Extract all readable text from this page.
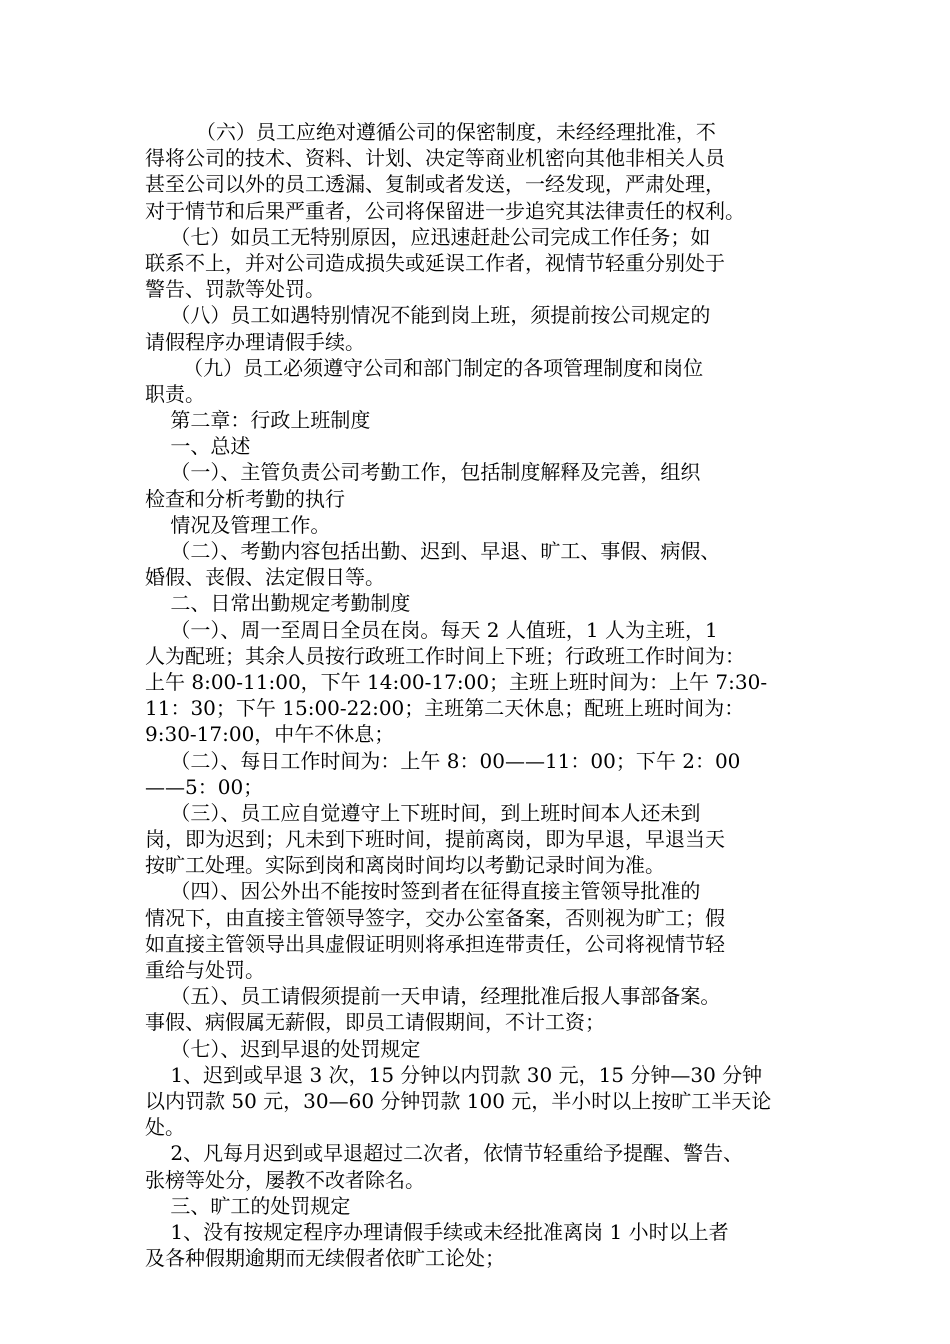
（六）员工应绝对遵循公司的保密制度，未经经理批准，不
得将公司的技术、资料、计划、决定等商业机密向其他非相关人员
甚至公司以外的员工透漏、复制或者发送，一经发现，严肃处理，
对于情节和后果严重者，公司将保留进一步追究其法律责任的权利。
（七）如员工无特别原因，应迅速赶赴公司完成工作任务；如
联系不上，并对公司造成损失或延误工作者，视情节轻重分别处于
警告、罚款等处罚。
（八）员工如遇特别情况不能到岗上班，须提前按公司规定的
请假程序办理请假手续。
（九）员工必须遵守公司和部门制定的各项管理制度和岗位
职责。
第二章：行政上班制度
一、总述
（一）、主管负责公司考勤工作，包括制度解释及完善，组织
检查和分析考勤的执行
情况及管理工作。
（二）、考勤内容包括出勤、迟到、早退、旷工、事假、病假、
婚假、丧假、法定假日等。
二、日常出勤规定考勤制度
（一）、周一至周日全员在岗。每天 2 人值班，1 人为主班，1
人为配班；其余人员按行政班工作时间上下班；行政班工作时间为：
上午 8:00-11:00，下午 14:00-17:00；主班上班时间为：上午 7:30-
11：30；下午 15:00-22:00；主班第二天休息；配班上班时间为：
9:30-17:00，中午不休息；
（二）、每日工作时间为：上午 8：00——11：00；下午 2：00
——5：00；
（三）、员工应自觉遵守上下班时间，到上班时间本人还未到
岗，即为迟到；凡未到下班时间，提前离岗，即为早退，早退当天
按旷工处理。实际到岗和离岗时间均以考勤记录时间为准。
（四）、因公外出不能按时签到者在征得直接主管领导批准的
情况下，由直接主管领导签字，交办公室备案，否则视为旷工；假
如直接主管领导出具虚假证明则将承担连带责任，公司将视情节轻
重给与处罚。
（五）、员工请假须提前一天申请，经理批准后报人事部备案。
事假、病假属无薪假，即员工请假期间，不计工资；
（七）、迟到早退的处罚规定
1、迟到或早退 3 次，15 分钟以内罚款 30 元，15 分钟—30 分钟
以内罚款 50 元，30—60 分钟罚款 100 元，半小时以上按旷工半天论
处。
2、凡每月迟到或早退超过二次者，依情节轻重给予提醒、警告、
张榜等处分，屡教不改者除名。
三、旷工的处罚规定
1、没有按规定程序办理请假手续或未经批准离岗 1 小时以上者
及各种假期逾期而无续假者依旷工论处；
